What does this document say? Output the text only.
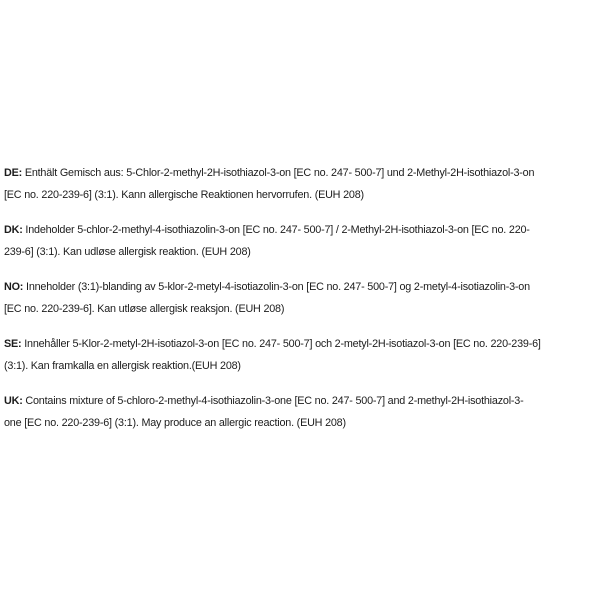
DE: Enthält Gemisch aus: 5-Chlor-2-methyl-2H-isothiazol-3-on [EC no. 247- 500-7] und 2-Methyl-2H-isothiazol-3-on
[EC no. 220-239-6] (3:1). Kann allergische Reaktionen hervorrufen. (EUH 208)

DK: Indeholder 5-chlor-2-methyl-4-isothiazolin-3-on [EC no. 247- 500-7] / 2-Methyl-2H-isothiazol-3-on [EC no. 220-
239-6] (3:1). Kan udløse allergisk reaktion. (EUH 208)

NO: Inneholder (3:1)-blanding av 5-klor-2-metyl-4-isotiazolin-3-on [EC no. 247- 500-7] og 2-metyl-4-isotiazolin-3-on
[EC no. 220-239-6]. Kan utløse allergisk reaksjon. (EUH 208)

SE: Innehåller 5-Klor-2-metyl-2H-isotiazol-3-on [EC no. 247- 500-7] och 2-metyl-2H-isotiazol-3-on [EC no. 220-239-6]
(3:1). Kan framkalla en allergisk reaktion.(EUH 208)

UK: Contains mixture of 5-chloro-2-methyl-4-isothiazolin-3-one [EC no. 247- 500-7] and 2-methyl-2H-isothiazol-3-
one [EC no. 220-239-6] (3:1). May produce an allergic reaction. (EUH 208)
